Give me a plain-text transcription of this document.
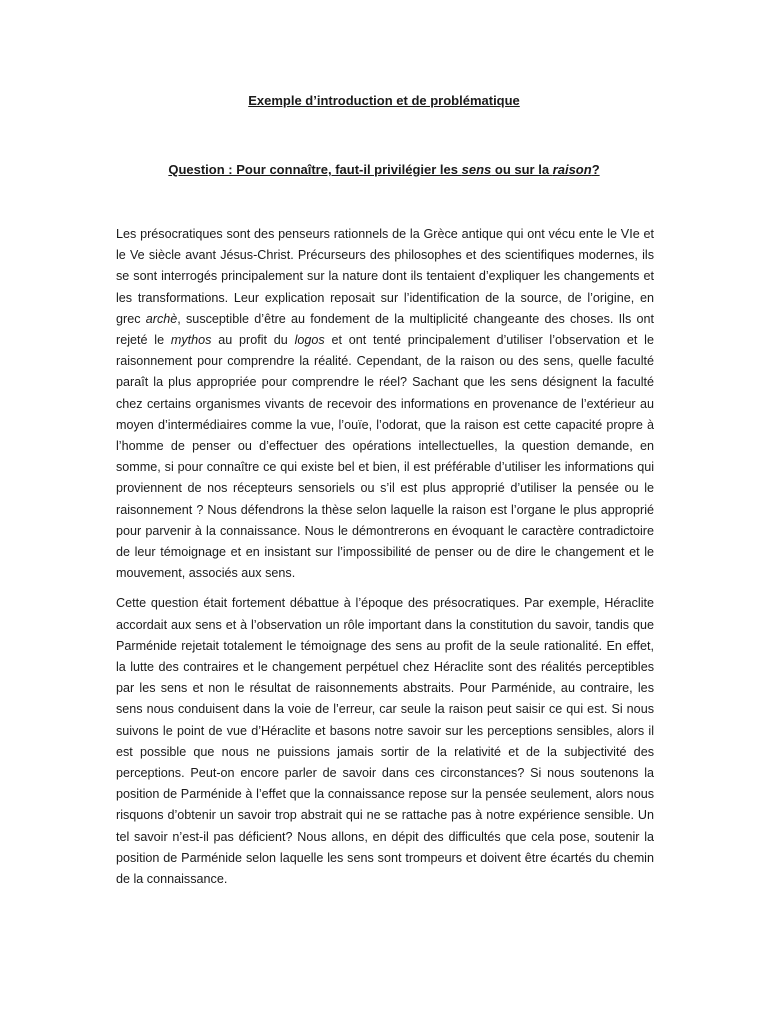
Exemple d’introduction et de problématique
Question : Pour connaître, faut-il privilégier les sens ou sur la raison?

Les présocratiques sont des penseurs rationnels de la Grèce antique qui ont vécu ente le VIe et le Ve siècle avant Jésus-Christ. Précurseurs des philosophes et des scientifiques modernes, ils se sont interrogés principalement sur la nature dont ils tentaient d’expliquer les changements et les transformations. Leur explication reposait sur l’identification de la source, de l’origine, en grec archè, susceptible d’être au fondement de la multiplicité changeante des choses. Ils ont rejeté le mythos au profit du logos et ont tenté principalement d’utiliser l’observation et le raisonnement pour comprendre la réalité. Cependant, de la raison ou des sens, quelle faculté paraît la plus appropriée pour comprendre le réel? Sachant que les sens désignent la faculté chez certains organismes vivants de recevoir des informations en provenance de l’extérieur au moyen d’intermédiaires comme la vue, l’ouïe, l’odorat, que la raison est cette capacité propre à l’homme de penser ou d’effectuer des opérations intellectuelles, la question demande, en somme, si pour connaître ce qui existe bel et bien, il est préférable d’utiliser les informations qui proviennent de nos récepteurs sensoriels ou s’il est plus approprié d’utiliser la pensée ou le raisonnement ? Nous défendrons la thèse selon laquelle la raison est l’organe le plus approprié pour parvenir à la connaissance. Nous le démontrerons en évoquant le caractère contradictoire de leur témoignage et en insistant sur l’impossibilité de penser ou de dire le changement et le mouvement, associés aux sens.

Cette question était fortement débattue à l’époque des présocratiques. Par exemple, Héraclite accordait aux sens et à l’observation un rôle important dans la constitution du savoir, tandis que Parménide rejetait totalement le témoignage des sens au profit de la seule rationalité. En effet, la lutte des contraires et le changement perpétuel chez Héraclite sont des réalités perceptibles par les sens et non le résultat de raisonnements abstraits. Pour Parménide, au contraire, les sens nous conduisent dans la voie de l’erreur, car seule la raison peut saisir ce qui est. Si nous suivons le point de vue d’Héraclite et basons notre savoir sur les perceptions sensibles, alors il est possible que nous ne puissions jamais sortir de la relativité et de la subjectivité des perceptions. Peut-on encore parler de savoir dans ces circonstances? Si nous soutenons la position de Parménide à l’effet que la connaissance repose sur la pensée seulement, alors nous risquons d’obtenir un savoir trop abstrait qui ne se rattache pas à notre expérience sensible. Un tel savoir n’est-il pas déficient? Nous allons, en dépit des difficultés que cela pose, soutenir la position de Parménide selon laquelle les sens sont trompeurs et doivent être écartés du chemin de la connaissance.
